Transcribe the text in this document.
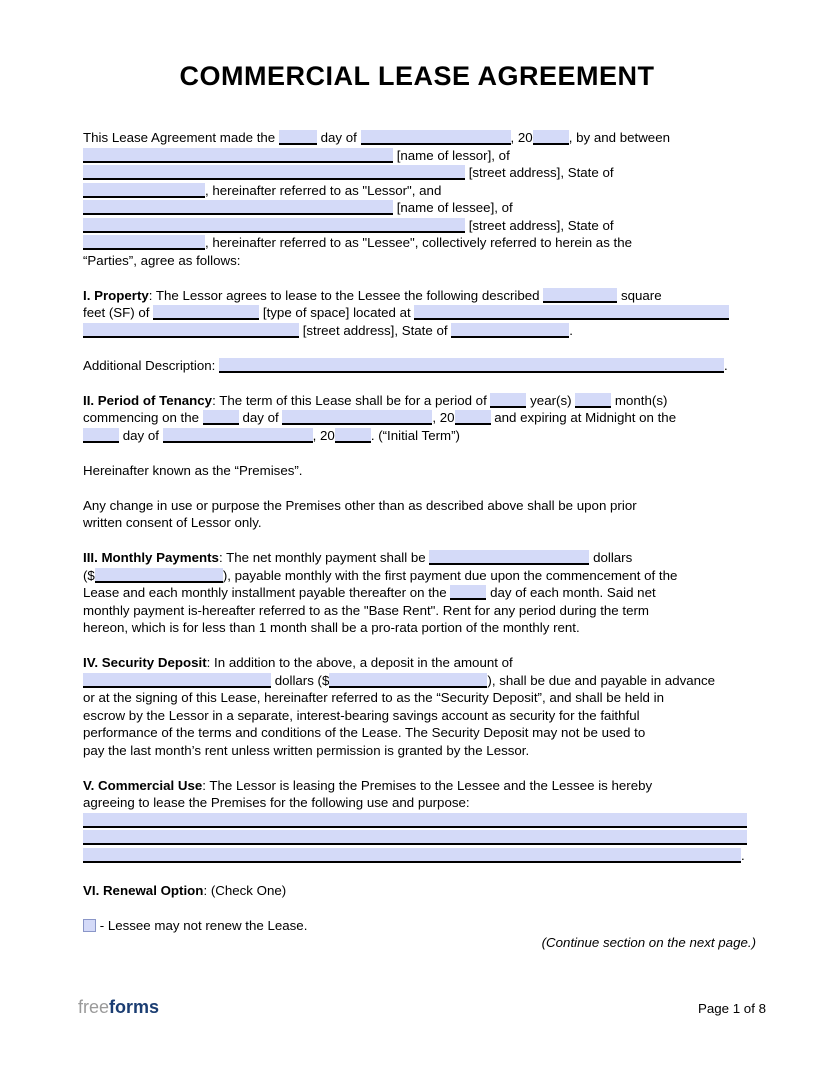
COMMERCIAL LEASE AGREEMENT

This Lease Agreement made the	day of	, 20	, by and between
[name of lessor], of
[street address], State of
, hereinafter referred to as "Lessor", and
[name of lessee], of
[street address], State of
, hereinafter referred to as "Lessee", collectively referred to herein as the
“Parties”, agree as follows:

I. Property: The Lessor agrees to lease to the Lessee the following described	square
feet (SF) of	[type of space] located at
[street address], State of	.

Additional Description:	.

II. Period of Tenancy: The term of this Lease shall be for a period of	year(s)	month(s)
commencing on the	day of	, 20	and expiring at Midnight on the
day of	, 20	. (“Initial Term”)

Hereinafter known as the “Premises”.

Any change in use or purpose the Premises other than as described above shall be upon prior
written consent of Lessor only.

III. Monthly Payments: The net monthly payment shall be	dollars
($	), payable monthly with the first payment due upon the commencement of the
Lease and each monthly installment payable thereafter on the	day of each month. Said net
monthly payment is-hereafter referred to as the "Base Rent". Rent for any period during the term
hereon, which is for less than 1 month shall be a pro-rata portion of the monthly rent.

IV. Security Deposit: In addition to the above, a deposit in the amount of
dollars ($	), shall be due and payable in advance
or at the signing of this Lease, hereinafter referred to as the “Security Deposit”, and shall be held in
escrow by the Lessor in a separate, interest-bearing savings account as security for the faithful
performance of the terms and conditions of the Lease. The Security Deposit may not be used to
pay the last month’s rent unless written permission is granted by the Lessor.

V. Commercial Use: The Lessor is leasing the Premises to the Lessee and the Lessee is hereby
agreeing to lease the Premises for the following use and purpose:

.

VI. Renewal Option: (Check One)

- Lessee may not renew the Lease.

(Continue section on the next page.)

freeforms	Page 1 of 8
